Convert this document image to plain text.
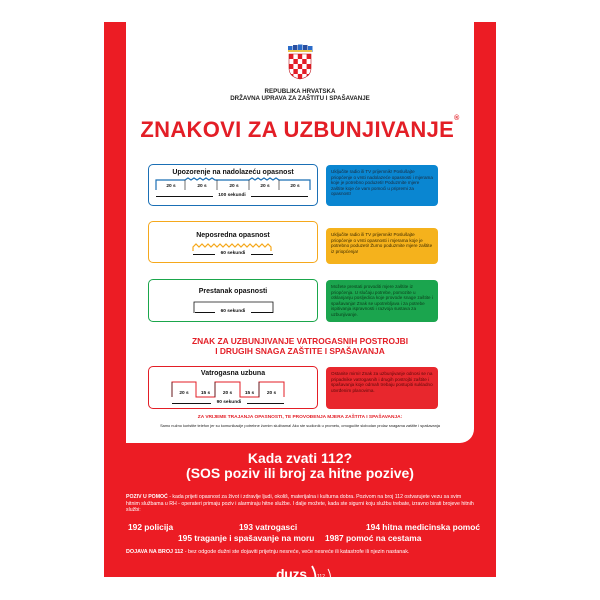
REPUBLIKA HRVATSKA
DRŽAVNA UPRAVA ZA ZAŠTITU I SPAŠAVANJE
ZNAKOVI ZA UZBUNJIVANJE®
Upozorenje na nadolazeću opasnost
20 s	20 s	20 s	20 s	20 s
100 sekundi
Uključite radio ili TV prijemnik! Poslušajte priopćenje o vrsti nadolazeće opasnosti i mjerama koje je potrebno poduzeti! Poduzmite mjere zaštite koje će vam pomoći u pripremi za opasnost!
Neposredna opasnost
60 sekundi
Uključite radio ili TV prijemnik! Poslušajte priopćenje o vrsti opasnosti i mjerama koje je potrebno poduzeti! Žurno poduzmite mjere zaštite iz priopćenja!
Prestanak opasnosti
60 sekundi
Možete prestati provoditi mjere zaštite iz priopćenja. U slučaju potrebe, pomozite u otklanjanju posljedica koje provode snage zaštite i spašavanja! Znak se upotrebljava i za potrebe ispitivanja ispravnosti i razvoja sustava za uzbunjivanje.
ZNAK ZA UZBUNJIVANJE VATROGASNIH POSTROJBI
I DRUGIH SNAGA ZAŠTITE I SPAŠAVANJA
Vatrogasna uzbuna
20 s	15 s	20 s	15 s	20 s
90 sekundi
Ostanite mirni! Znak za uzbunjivanje odnosi se na pripadnike vatrogasnih i drugih postrojbi zaštite i spašavanja koje odmah trebaju postupiti sukladno utvrđenim planovima.
ZA VRIJEME TRAJANJA OPASNOSTI, TE PROVOĐENJA MJERA ZAŠTITA I SPAŠAVANJA:
Samo nužno koristite telefon jer su komunikacije potrebne žurnim službama! Ako ste sudionik u prometu, omogućite slobodan prolaz snagama zaštite i spašavanja
Kada zvati 112?
(SOS poziv ili broj za hitne pozive)
POZIV U POMOĆ - kada prijeti opasnost za život i zdravlje ljudi, okoliš, materijalna i kulturna dobra. Pozivom na broj 112 ostvarujete vezu sa svim hitnim službama u RH - operateri primaju poziv i alarmiraju hitne službe. I dalje možete, kada ste sigurni koju službu trebate, izravno birati brojeve hitnih službi:
192 policija	193 vatrogasci	194 hitna medicinska pomoć
195 traganje i spašavanje na moru 1987 pomoć na cestama
DOJAVA NA BROJ 112 - bez odgode dužni ste dojaviti prijetnju nesreće, veće nesreće ili katastrofe ili njezin nastanak.
duzs 112
